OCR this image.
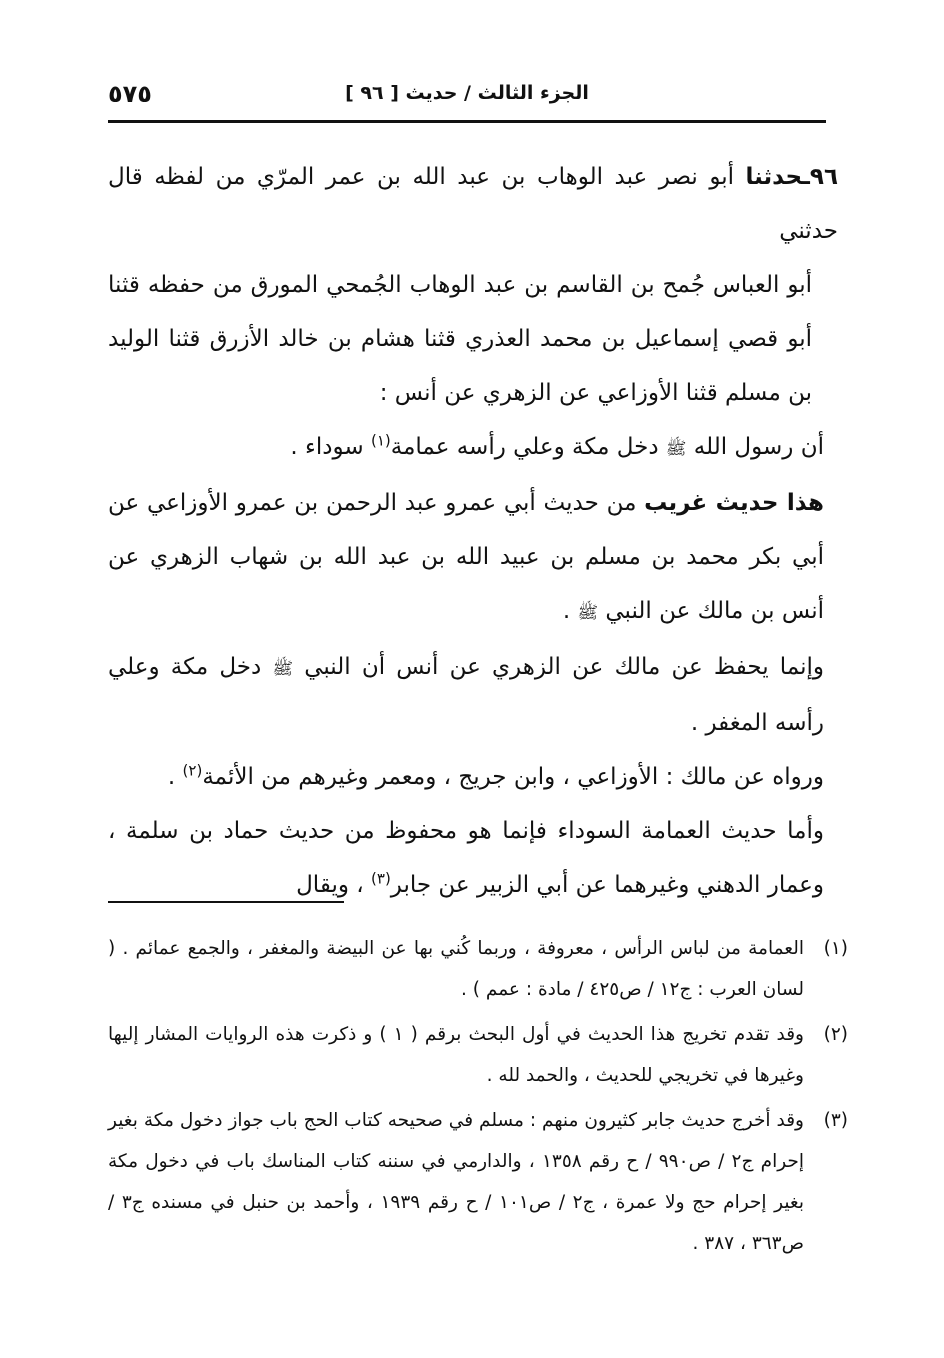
٥٧٥	الجزء الثالث / حديث [ ٩٦ ]

٩٦ـحدثنا أبو نصر عبد الوهاب بن عبد الله بن عمر المرّي من لفظه قال حدثني

أبو العباس جُمح بن القاسم بن عبد الوهاب الجُمحي المورق من حفظه قثنا أبو قصي إسماعيل بن محمد العذري قثنا هشام بن خالد الأزرق قثنا الوليد بن مسلم قثنا الأوزاعي عن الزهري عن أنس :

أن رسول الله ﷺ دخل مكة وعلي رأسه عمامة$^{(١)}$ سوداء .

هذا حديث غريب من حديث أبي عمرو عبد الرحمن بن عمرو الأوزاعي عن أبي بكر محمد بن مسلم بن عبيد الله بن عبد الله بن شهاب الزهري عن أنس بن مالك عن النبي ﷺ .

وإنما يحفظ عن مالك عن الزهري عن أنس أن النبي ﷺ دخل مكة وعلي رأسه المغفر .

ورواه عن مالك : الأوزاعي ، وابن جريج ، ومعمر وغيرهم من الأئمة$^{(٢)}$ .

وأما حديث العمامة السوداء فإنما هو محفوظ من حديث حماد بن سلمة ، وعمار الدهني وغيرهما عن أبي الزبير عن جابر$^{(٣)}$ ، ويقال

(١)
العمامة من لباس الرأس ، معروفة ، وربما كُني بها عن البيضة والمغفر ، والجمع عمائم . ( لسان العرب : ج١٢ / ص٤٢٥ / مادة : عمم ) .
(٢)
وقد تقدم تخريج هذا الحديث في أول البحث برقم ( ١ ) و ذكرت هذه الروايات المشار إليها وغيرها في تخريجي للحديث ، والحمد لله .
(٣)
وقد أخرج حديث جابر كثيرون منهم : مسلم في صحيحه كتاب الحج باب جواز دخول مكة بغير إحرام ج٢ / ص٩٩٠ / ح رقم ١٣٥٨ ، والدارمي في سننه كتاب المناسك باب في دخول مكة بغير إحرام حج ولا عمرة ، ج٢ / ص١٠١ / ح رقم ١٩٣٩ ، وأحمد بن حنبل في مسنده ج٣ / ص٣٦٣ ، ٣٨٧ .
